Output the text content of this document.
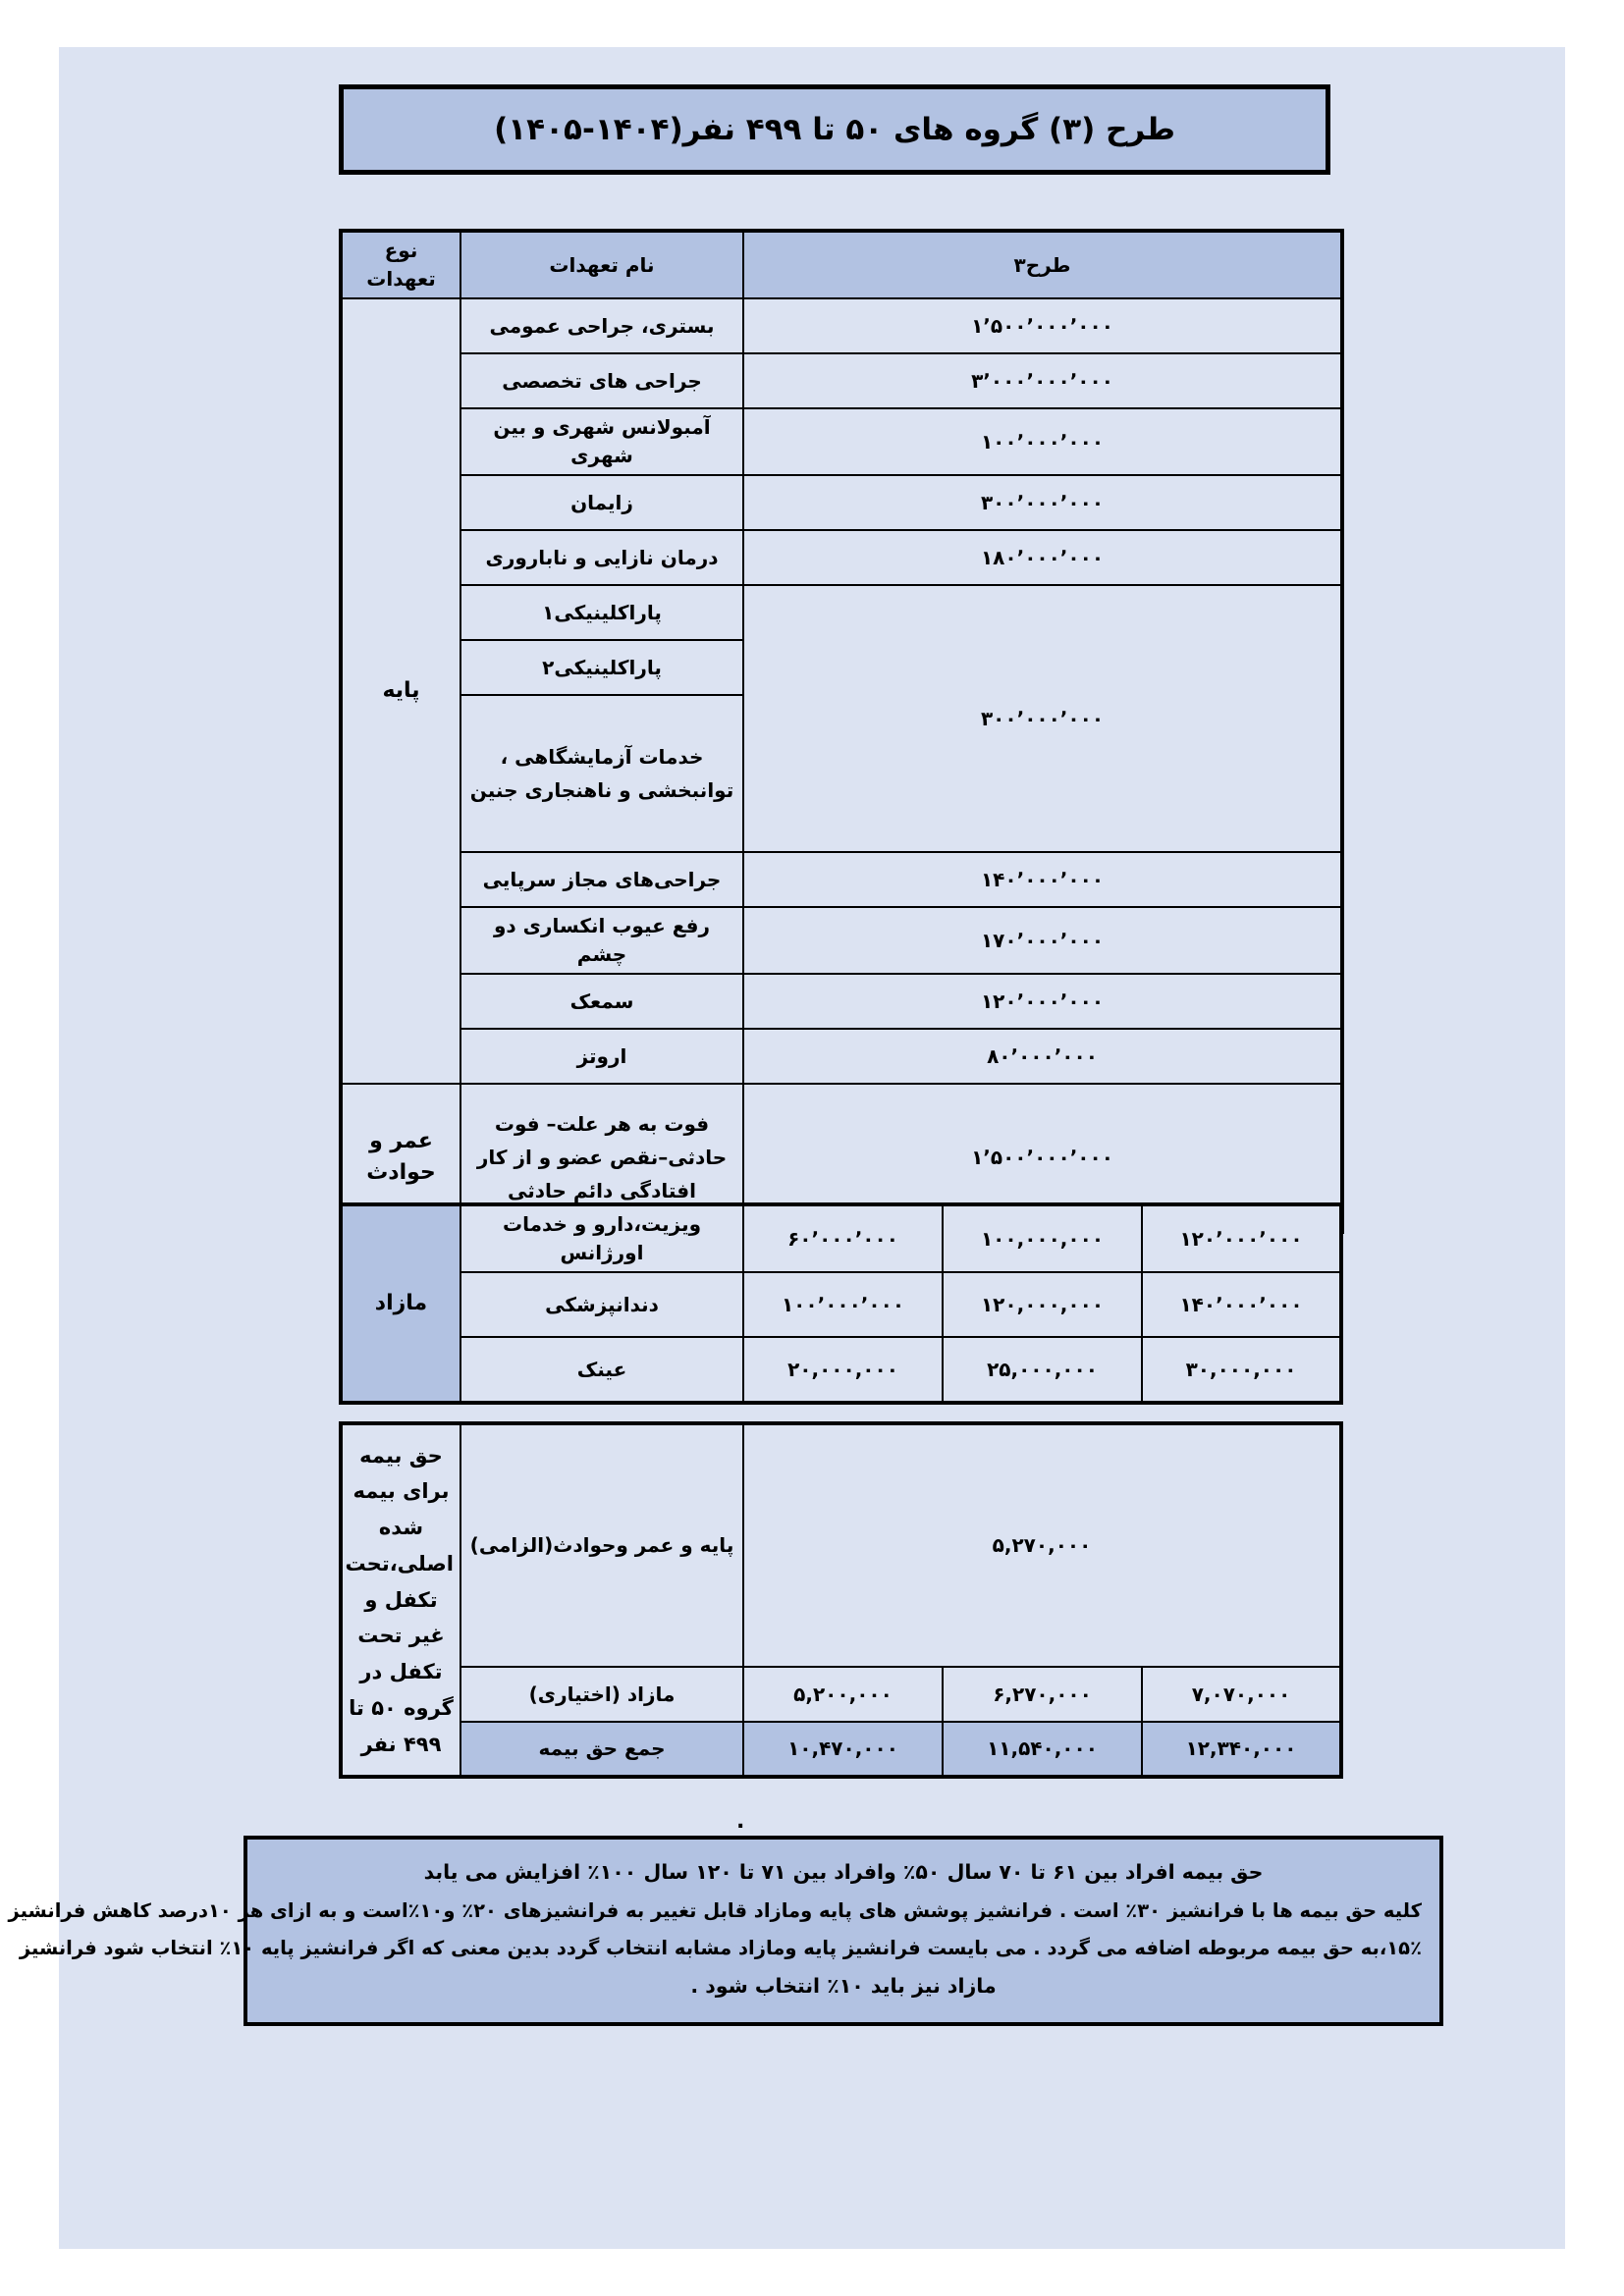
طرح (۳) گروه های ۵۰ تا ۴۹۹ نفر(۱۴۰۴-۱۴۰۵)
طرح۳	نام تعهدات	نوع تعهدات
۱٬۵۰۰٬۰۰۰٬۰۰۰	بستری، جراحی عمومی	پایه
۳٬۰۰۰٬۰۰۰٬۰۰۰	جراحی های تخصصی	
۱۰۰٬۰۰۰٬۰۰۰	آمبولانس شهری و بین شهری	
۳۰۰٬۰۰۰٬۰۰۰	زایمان	
۱۸۰٬۰۰۰٬۰۰۰	درمان نازایی و ناباروری	
۳۰۰٬۰۰۰٬۰۰۰	پاراکلینیکی۱	
	پاراکلینیکی۲	
	خدمات آزمایشگاهی ، توانبخشی و ناهنجاری جنین	
۱۴۰٬۰۰۰٬۰۰۰	جراحی‌های مجاز سرپایی	
۱۷۰٬۰۰۰٬۰۰۰	رفع عیوب انکساری دو چشم	
۱۲۰٬۰۰۰٬۰۰۰	سمعک	
۸۰٬۰۰۰٬۰۰۰	اروتز	
۱٬۵۰۰٬۰۰۰٬۰۰۰	فوت به هر علت– فوت حادثی–نقص عضو و از کار افتادگی دائم حادثی	عمر و حوادث
۱۲۰٬۰۰۰٬۰۰۰	۱۰۰,۰۰۰,۰۰۰	۶۰٬۰۰۰٬۰۰۰	ویزیت،دارو و خدمات اورژانس	مازاد
۱۴۰٬۰۰۰٬۰۰۰	۱۲۰,۰۰۰,۰۰۰	۱۰۰٬۰۰۰٬۰۰۰	دندانپزشکی	
۳۰,۰۰۰,۰۰۰	۲۵,۰۰۰,۰۰۰	۲۰,۰۰۰,۰۰۰	عینک	
۵,۲۷۰,۰۰۰			پایه و عمر وحوادث(الزامی)	حق بیمه برای بیمه شده اصلی،تحت تکفل و غیر تحت تکفل در گروه ۵۰ تا ۴۹۹ نفر
۷,۰۷۰,۰۰۰	۶,۲۷۰,۰۰۰	۵,۲۰۰,۰۰۰	مازاد (اختیاری)	
۱۲,۳۴۰,۰۰۰	۱۱,۵۴۰,۰۰۰	۱۰,۴۷۰,۰۰۰	جمع حق بیمه	
.
حق بیمه افراد بین ۶۱ تا ۷۰ سال ۵۰٪ وافراد بین ۷۱ تا ۱۲۰ سال ۱۰۰٪ افزایش می یابد
کلیه حق بیمه ها با فرانشیز ۳۰٪ است . فرانشیز پوشش های پایه ومازاد قابل تغییر به فرانشیزهای ۲۰٪ و۱۰٪است و به ازای هر ۱۰درصد کاهش فرانشیز
۱۵٪،به حق بیمه مربوطه اضافه می گردد . می بایست فرانشیز پایه ومازاد مشابه انتخاب گردد بدین معنی که اگر فرانشیز پایه ۱۰٪ انتخاب شود فرانشیز
مازاد نیز باید ۱۰٪ انتخاب شود .
